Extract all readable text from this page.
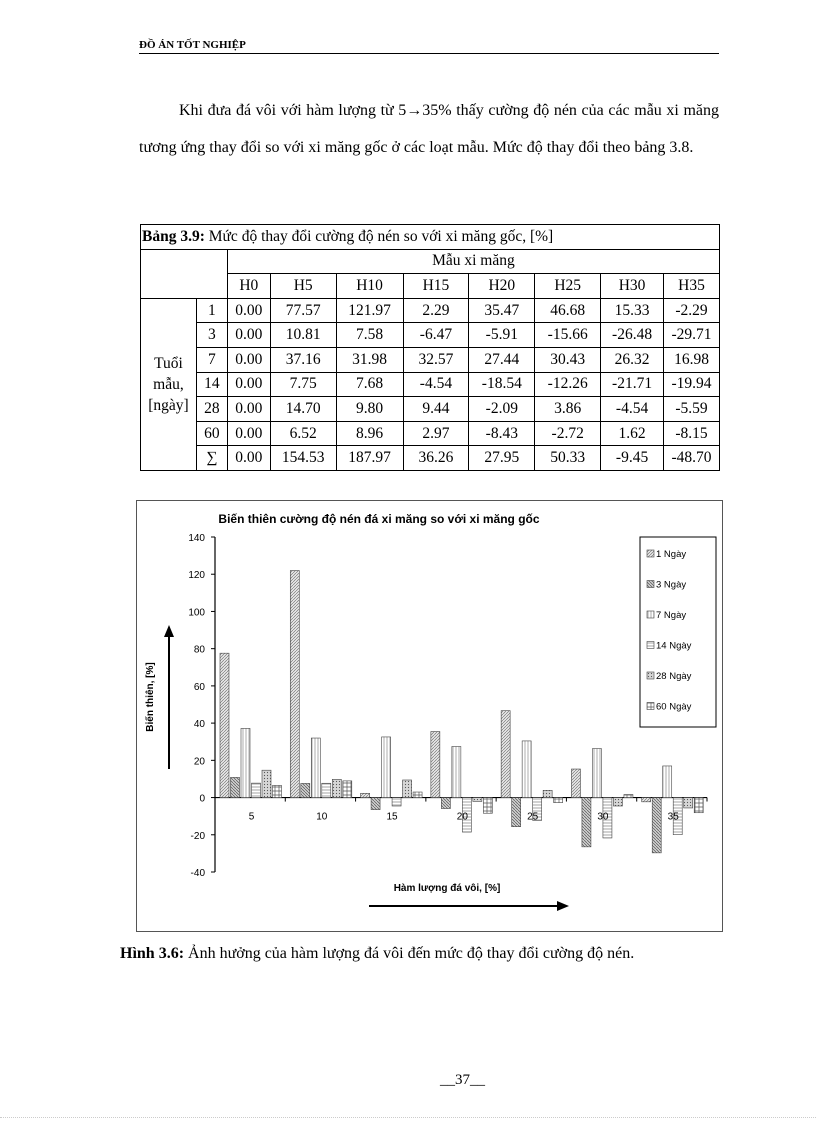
ĐỒ ÁN TỐT NGHIỆP
Khi đưa đá vôi với hàm lượng từ 5→35% thấy cường độ nén của các mẫu xi măng tương ứng thay đổi so với xi măng gốc ở các loạt mẫu. Mức độ thay đổi theo bảng 3.8.
Bảng 3.9: Mức độ thay đổi cường độ nén so với xi măng gốc, [%]									
		Mẫu xi măng							
		H0	H5	H10	H15	H20	H25	H30	H35

Tuổi
mẫu,
[ngày]	1	0.00	77.57	121.97	2.29	35.47	46.68	15.33	-2.29
	3	0.00	10.81	7.58	-6.47	-5.91	-15.66	-26.48	-29.71
	7	0.00	37.16	31.98	32.57	27.44	30.43	26.32	16.98
	14	0.00	7.75	7.68	-4.54	-18.54	-12.26	-21.71	-19.94
	28	0.00	14.70	9.80	9.44	-2.09	3.86	-4.54	-5.59
	60	0.00	6.52	8.96	2.97	-8.43	-2.72	1.62	-8.15
	∑	0.00	154.53	187.97	36.26	27.95	50.33	-9.45	-48.70
Biến thiên cường độ nén đá xi măng so với xi măng gốc
140
120
100
80
60
40
20
0
-20
-40
5	10	15	20	25	30	35
Biến thiên, [%]
Hàm lượng đá vôi, [%]
1 Ngày
3 Ngày
7 Ngày
14 Ngày
28 Ngày
60 Ngày
Hình 3.6: Ảnh hưởng của hàm lượng đá vôi đến mức độ thay đổi cường độ nén.
__37__
